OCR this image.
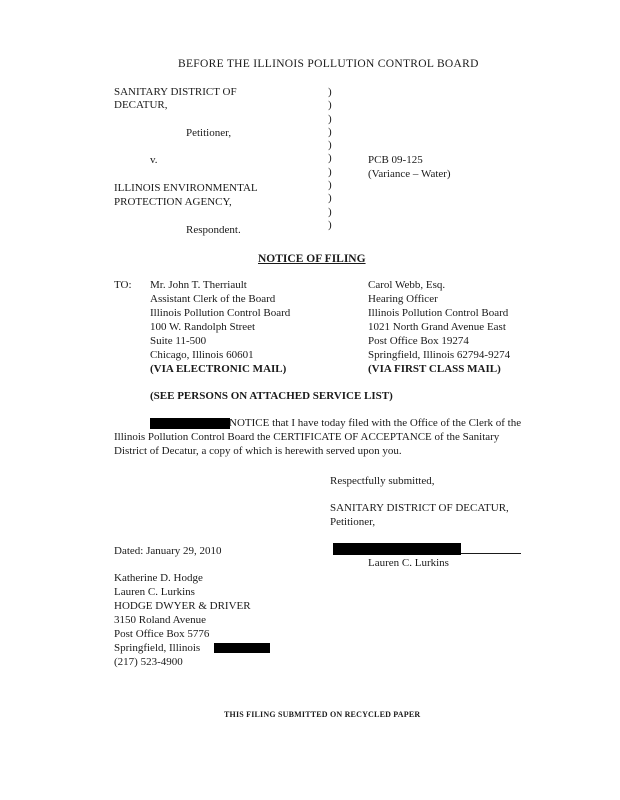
BEFORE THE ILLINOIS POLLUTION CONTROL BOARD
SANITARY DISTRICT OF
DECATUR,
Petitioner,
v.
ILLINOIS ENVIRONMENTAL
PROTECTION AGENCY,
Respondent.
)
)
)
)
)
)
)
)
)
)
)
PCB 09-125
(Variance – Water)
NOTICE OF FILING
TO: Mr. John T. Therriault
Assistant Clerk of the Board
Illinois Pollution Control Board
100 W. Randolph Street
Suite 11-500
Chicago, Illinois 60601
(VIA ELECTRONIC MAIL)
Carol Webb, Esq.
Hearing Officer
Illinois Pollution Control Board
1021 North Grand Avenue East
Post Office Box 19274
Springfield, Illinois 62794-9274
(VIA FIRST CLASS MAIL)
(SEE PERSONS ON ATTACHED SERVICE LIST)
NOTICE that I have today filed with the Office of the Clerk of the Illinois Pollution Control Board the CERTIFICATE OF ACCEPTANCE of the Sanitary District of Decatur, a copy of which is herewith served upon you.
Respectfully submitted,
SANITARY DISTRICT OF DECATUR,
Petitioner,
Dated: January 29, 2010
Lauren C. Lurkins
Katherine D. Hodge
Lauren C. Lurkins
HODGE DWYER & DRIVER
3150 Roland Avenue
Post Office Box 5776
Springfield, Illinois
(217) 523-4900
THIS FILING SUBMITTED ON RECYCLED PAPER
